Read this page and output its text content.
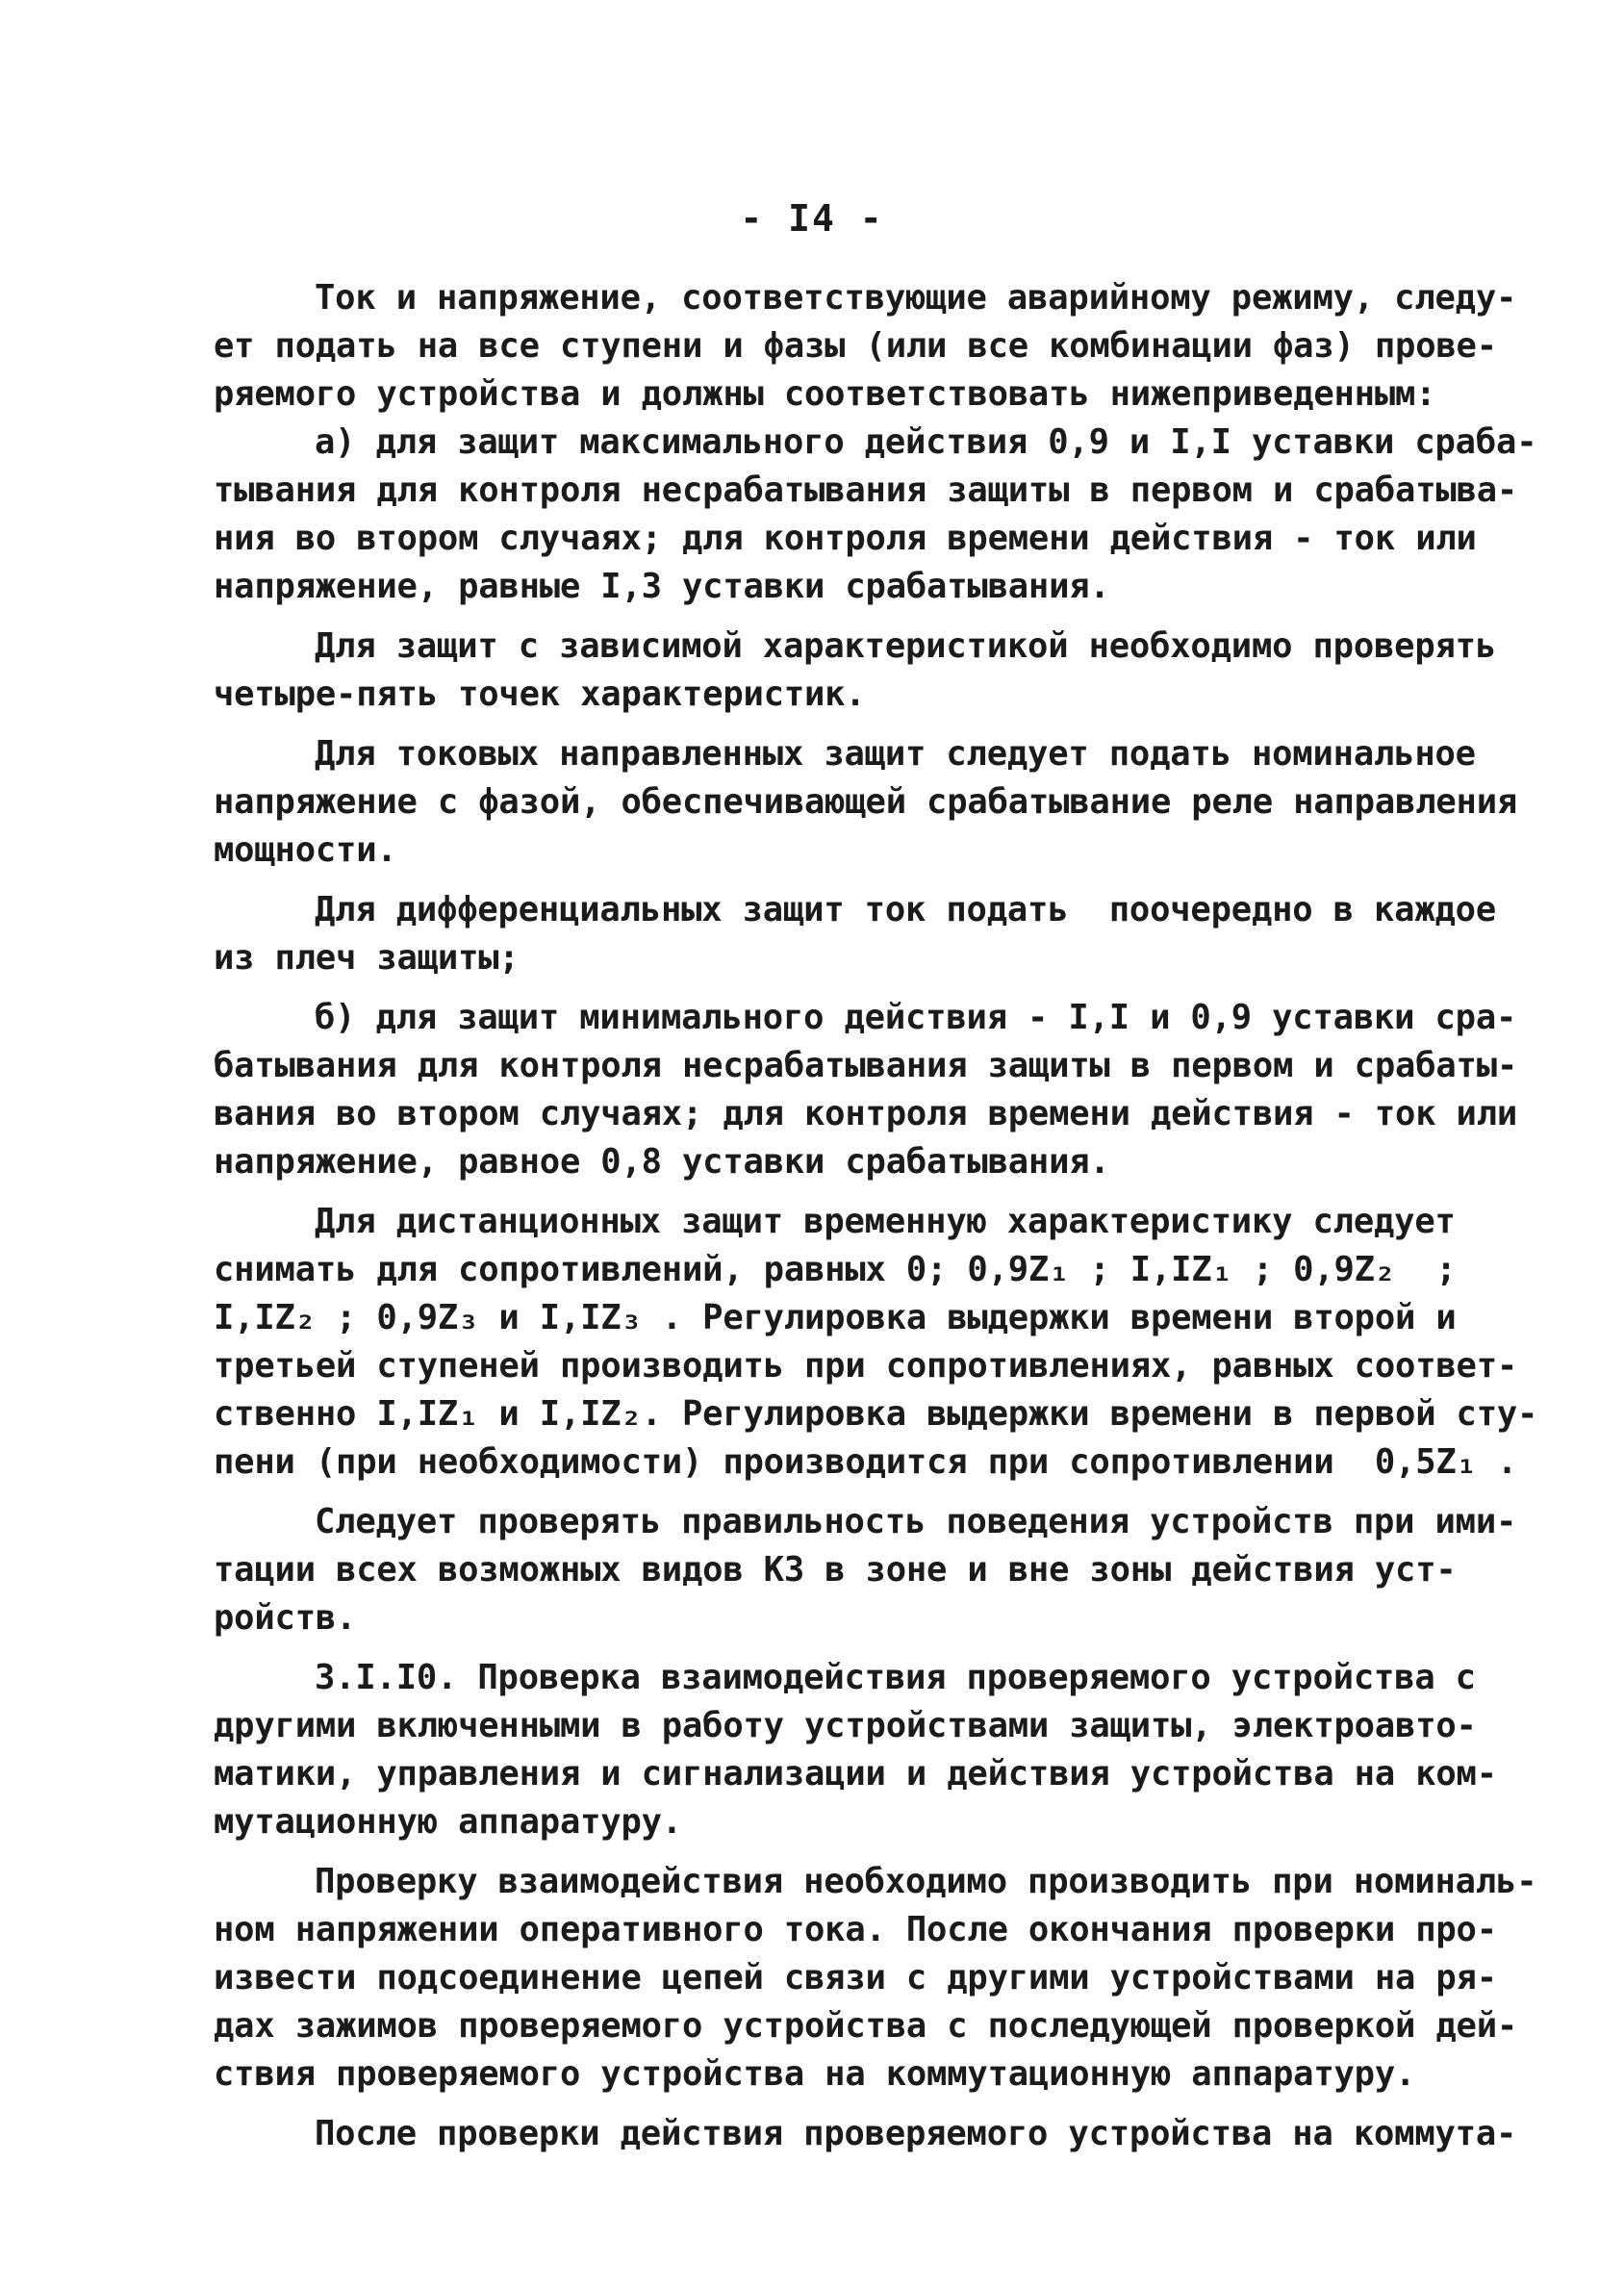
- I4 -
Ток и напряжение, соответствующие аварийному режиму, следу-
ет подать на все ступени и фазы (или все комбинации фаз) прове-
ряемого устройства и должны соответствовать нижеприведенным:
а) для защит максимального действия 0,9 и I,I уставки сраба-
тывания для контроля несрабатывания защиты в первом и срабатыва-
ния во втором случаях; для контроля времени действия - ток или
напряжение, равные I,3 уставки срабатывания.
Для защит с зависимой характеристикой необходимо проверять
четыре-пять точек характеристик.
Для токовых направленных защит следует подать номинальное
напряжение с фазой, обеспечивающей срабатывание реле направления
мощности.
Для дифференциальных защит ток подать  поочередно в каждое
из плеч защиты;
б) для защит минимального действия - I,I и 0,9 уставки сра-
батывания для контроля несрабатывания защиты в первом и срабаты-
вания во втором случаях; для контроля времени действия - ток или
напряжение, равное 0,8 уставки срабатывания.
Для дистанционных защит временную характеристику следует
снимать для сопротивлений, равных 0; 0,9Z₁ ; I,IZ₁ ; 0,9Z₂  ;
I,IZ₂ ; 0,9Z₃ и I,IZ₃ . Регулировка выдержки времени второй и
третьей ступеней производить при сопротивлениях, равных соответ-
ственно I,IZ₁ и I,IZ₂. Регулировка выдержки времени в первой сту-
пени (при необходимости) производится при сопротивлении  0,5Z₁ .
Следует проверять правильность поведения устройств при ими-
тации всех возможных видов КЗ в зоне и вне зоны действия уст-
ройств.
3.I.I0. Проверка взаимодействия проверяемого устройства с
другими включенными в работу устройствами защиты, электроавто-
матики, управления и сигнализации и действия устройства на ком-
мутационную аппаратуру.
Проверку взаимодействия необходимо производить при номиналь-
ном напряжении оперативного тока. После окончания проверки про-
извести подсоединение цепей связи с другими устройствами на ря-
дах зажимов проверяемого устройства с последующей проверкой дей-
ствия проверяемого устройства на коммутационную аппаратуру.
После проверки действия проверяемого устройства на коммута-
